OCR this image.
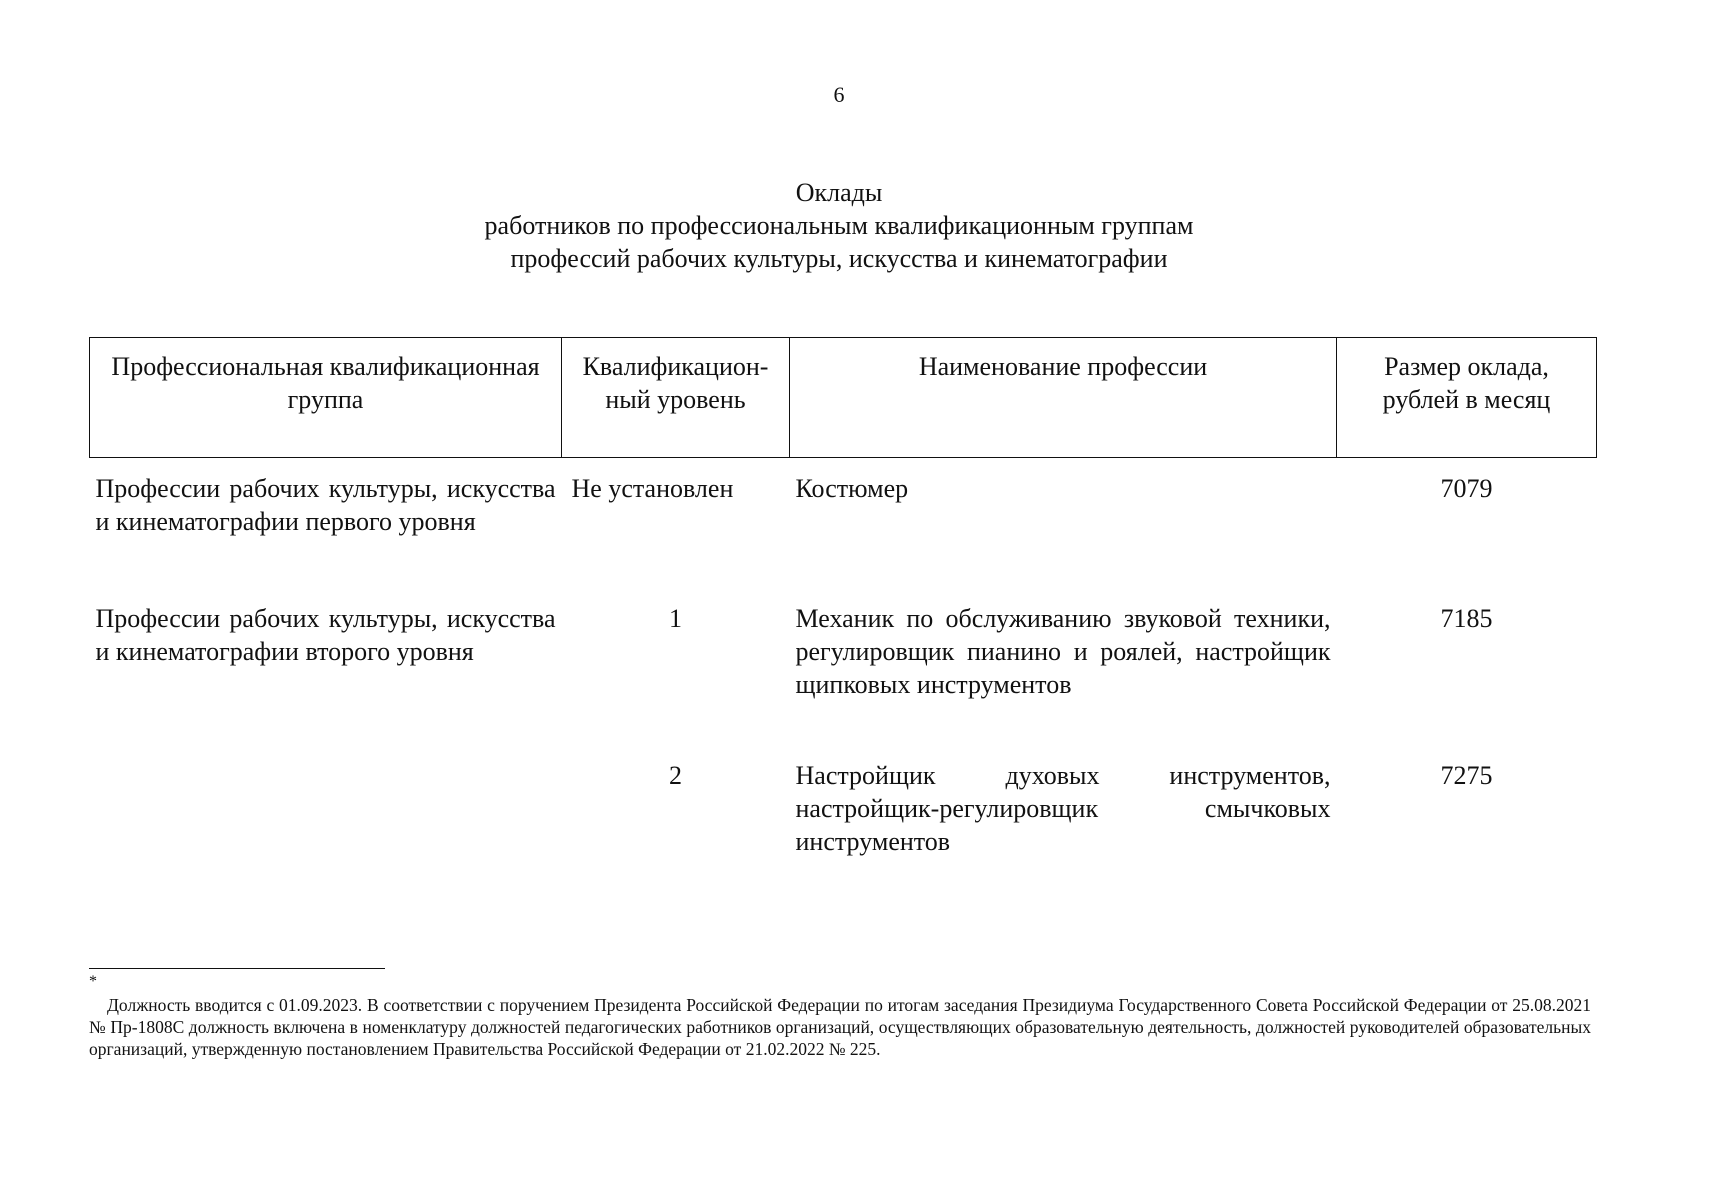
6
Оклады
работников по профессиональным квалификационным группам
профессий рабочих культуры, искусства и кинематографии
Профессиональная квалификационная группа	Квалификацион-ный уровень	Наименование профессии	Размер оклада, рублей в месяц
Профессии рабочих культуры, искусства и кинематографии первого уровня	Не установлен	Костюмер	7079
Профессии рабочих культуры, искусства и кинематографии второго уровня	1	Механик по обслуживанию звуковой техники, регулировщик пианино и роялей, настройщик щипковых инструментов	7185
	2	Настройщик духовых инструментов, настройщик-регулировщик смычковых инструментов	7275
*
Должность вводится с 01.09.2023. В соответствии с поручением Президента Российской Федерации по итогам заседания Президиума Государственного Совета Российской Федерации от 25.08.2021 № Пр-1808С должность включена в номенклатуру должностей педагогических работников организаций, осуществляющих образовательную деятельность, должностей руководителей образовательных организаций, утвержденную постановлением Правительства Российской Федерации от 21.02.2022 № 225.
